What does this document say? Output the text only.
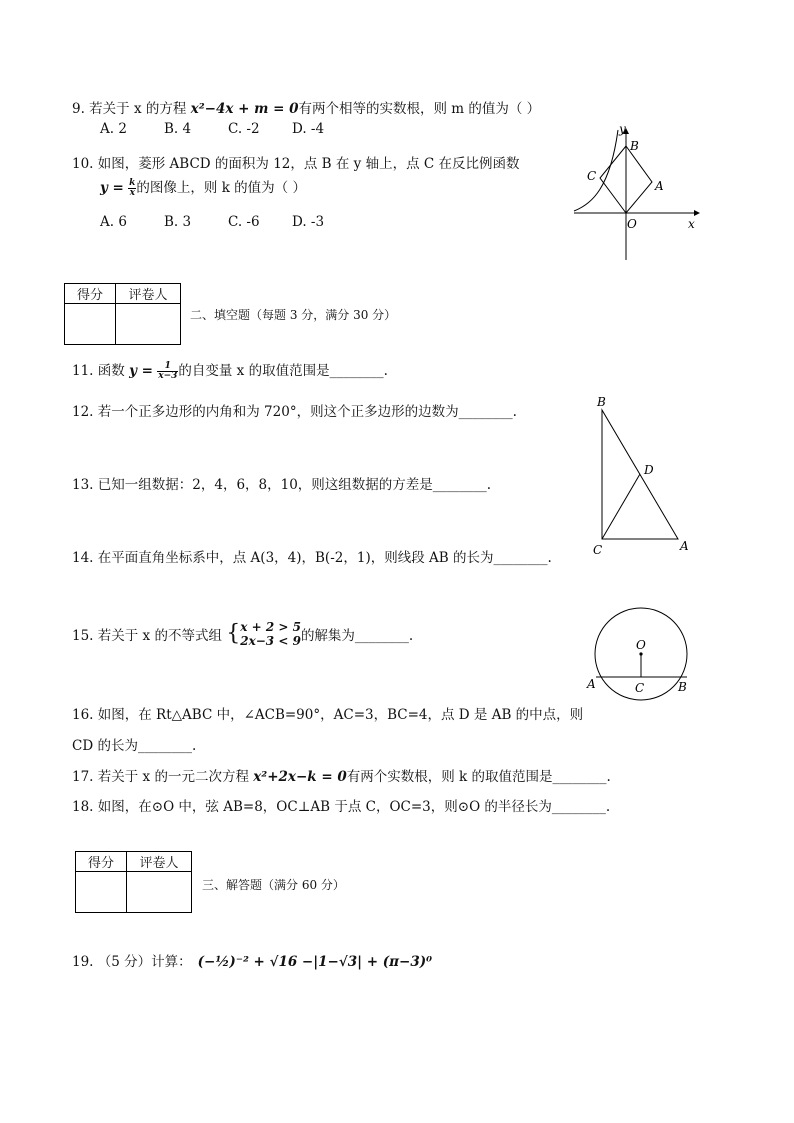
9. 若关于 x 的方程 x²−4x + m = 0有两个相等的实数根，则 m 的值为（ ）
A. 2	B. 4	C. -2 D. -4
10. 如图，菱形 ABCD 的面积为 12，点 B 在 y 轴上，点 C 在反比例函数
$y = \frac{k}{x}$ 的图像上，则 k 的值为（ ）
A. 6	B. 3	C. -6 D. -3
y
x
O
A
B
C
得分	评卷人

二、填空题（每题 3 分，满分 30 分）
11. 函数 $y = \frac{1}{x-3}$ 的自变量 x 的取值范围是________.
12. 若一个正多边形的内角和为 720°，则这个正多边形的边数为________.
B
D
C	A
13. 已知一组数据：2，4，6，8，10，则这组数据的方差是________.
14. 在平面直角坐标系中，点 A(3，4)，B(-2，1)，则线段 AB 的长为________.
15. 若关于 x 的不等式组 { x + 2 > 5
2x−3 < 9 的解集为________.
O
A	C	B
16. 如图，在 Rt△ABC 中，∠ACB=90°，AC=3，BC=4，点 D 是 AB 的中点，则
CD 的长为________.
17. 若关于 x 的一元二次方程 x²+2x−k = 0有两个实数根，则 k 的取值范围是________.
18. 如图，在⊙O 中，弦 AB=8，OC⊥AB 于点 C，OC=3，则⊙O 的半径长为________.
得分	评卷人

三、解答题（满分 60 分）
19. （5 分）计算： (−½)⁻² + √16 −|1−√3| + (π−3)⁰
